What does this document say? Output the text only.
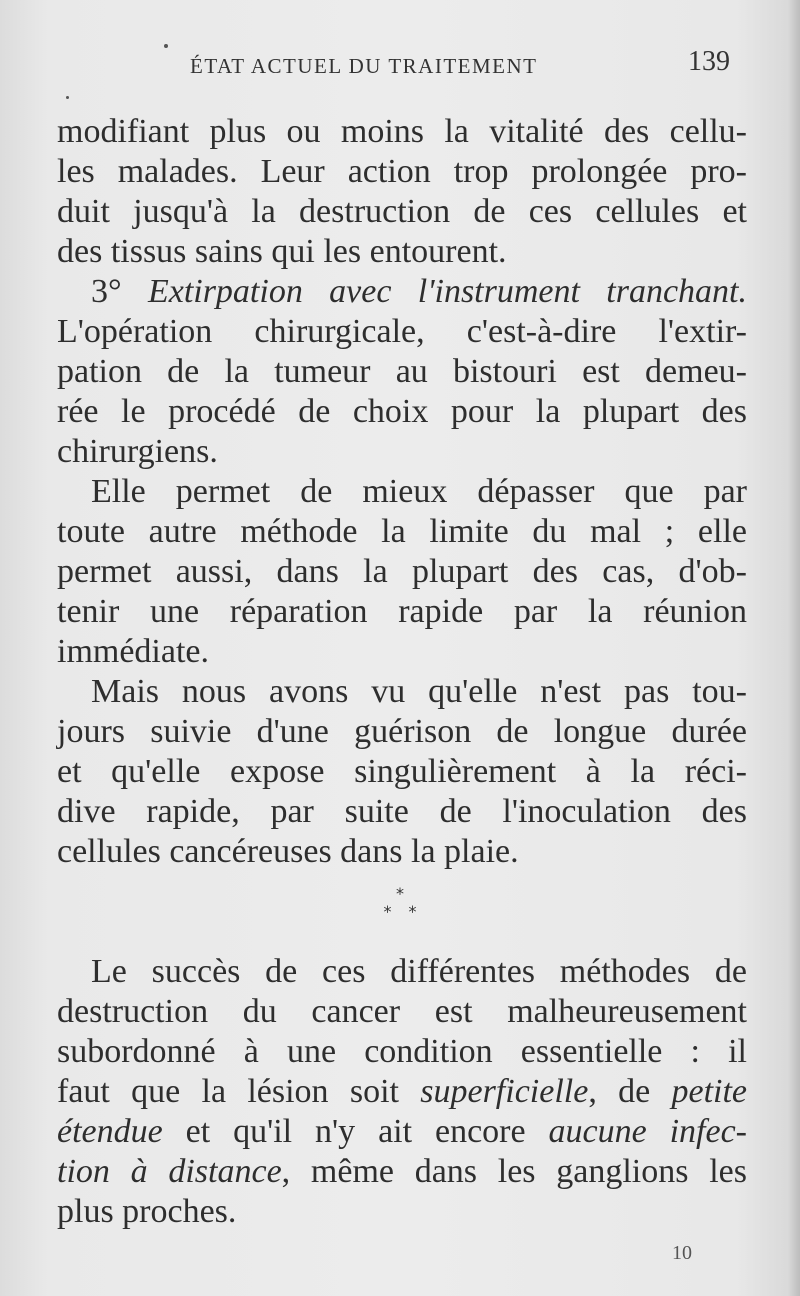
ÉTAT ACTUEL DU TRAITEMENT	139
modifiant plus ou moins la vitalité des cellu-
les malades. Leur action trop prolongée pro-
duit jusqu'à la destruction de ces cellules et
des tissus sains qui les entourent.
3° Extirpation avec l'instrument tranchant.
L'opération chirurgicale, c'est-à-dire l'extir-
pation de la tumeur au bistouri est demeu-
rée le procédé de choix pour la plupart des
chirurgiens.
Elle permet de mieux dépasser que par
toute autre méthode la limite du mal ; elle
permet aussi, dans la plupart des cas, d'ob-
tenir une réparation rapide par la réunion
immédiate.
Mais nous avons vu qu'elle n'est pas tou-
jours suivie d'une guérison de longue durée
et qu'elle expose singulièrement à la réci-
dive rapide, par suite de l'inoculation des
cellules cancéreuses dans la plaie.
*
* *
Le succès de ces différentes méthodes de
destruction du cancer est malheureusement
subordonné à une condition essentielle : il
faut que la lésion soit superficielle, de petite
étendue et qu'il n'y ait encore aucune infec-
tion à distance, même dans les ganglions les
plus proches.
10
